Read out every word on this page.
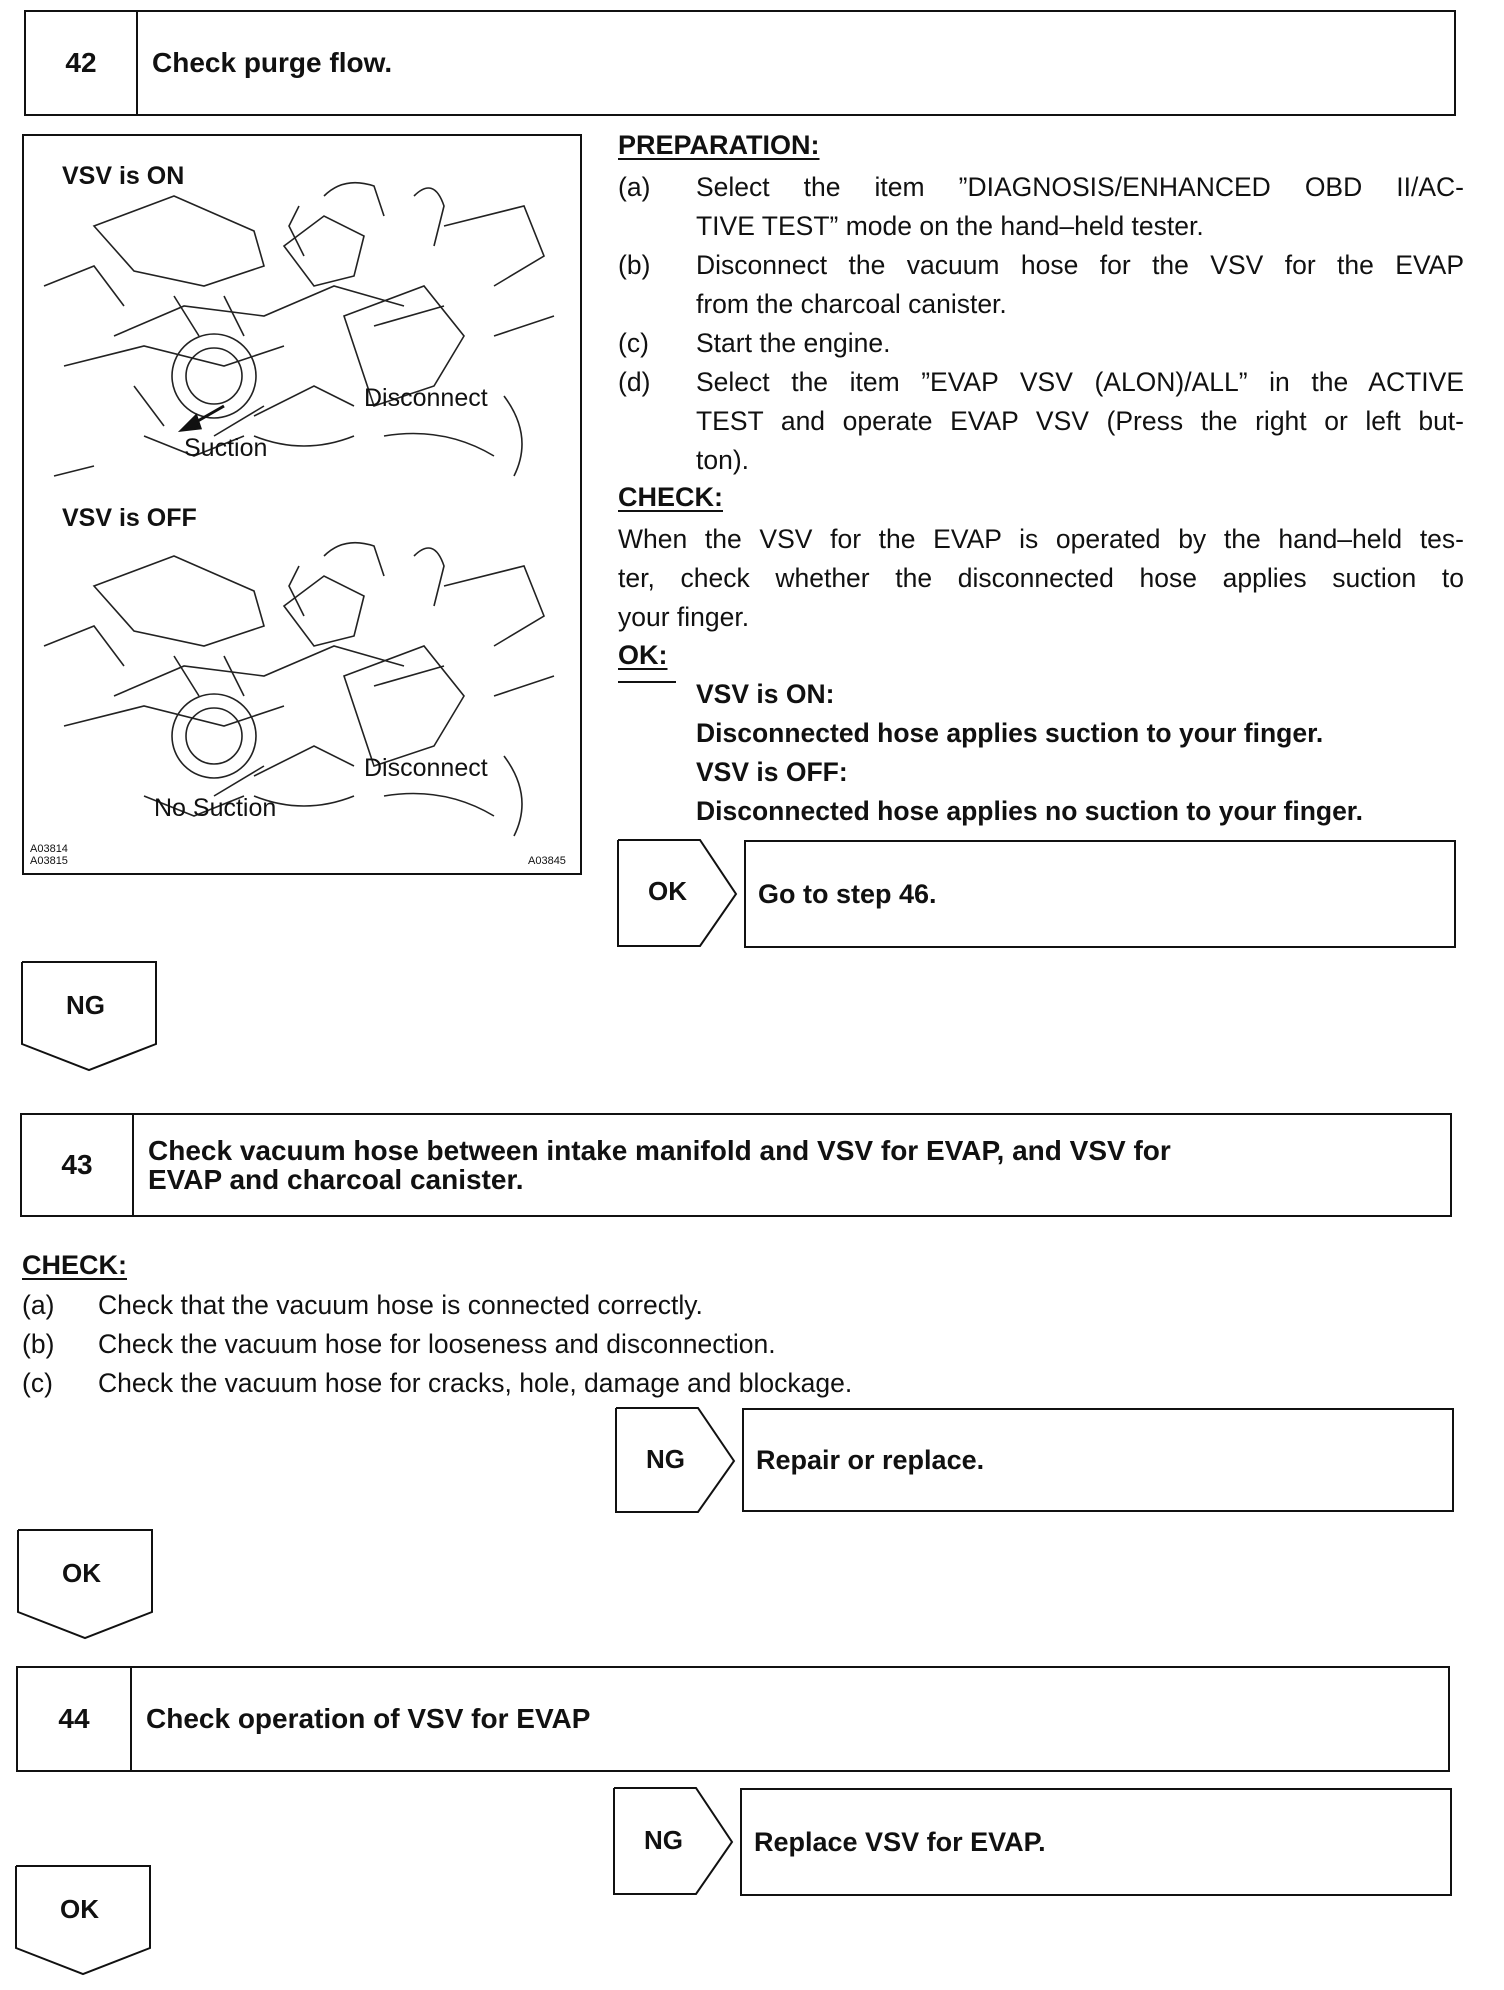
42	Check purge flow.
VSV is ON
Disconnect
Suction
VSV is OFF
Disconnect
No Suction
A03814
A03815	A03845
PREPARATION:
(a) Select the item ”DIAGNOSIS/ENHANCED OBD II/AC-
TIVE TEST” mode on the hand–held tester.
(b) Disconnect the vacuum hose for the VSV for the EVAP
from the charcoal canister.
(c) Start the engine.
(d) Select the item ”EVAP VSV (ALON)/ALL” in the ACTIVE
TEST and operate EVAP VSV (Press the right or left but-
ton).
CHECK:
When the VSV for the EVAP is operated by the hand–held tes-
ter, check whether the disconnected hose applies suction to
your finger.
OK:
VSV is ON:
Disconnected hose applies suction to your finger.
VSV is OFF:
Disconnected hose applies no suction to your finger.
OK	Go to step 46.
NG
43	Check vacuum hose between intake manifold and VSV for EVAP, and VSV for
EVAP and charcoal canister.
CHECK:
(a) Check that the vacuum hose is connected correctly.
(b) Check the vacuum hose for looseness and disconnection.
(c) Check the vacuum hose for cracks, hole, damage and blockage.
NG	Repair or replace.
OK
44	Check operation of VSV for EVAP
NG	Replace VSV for EVAP.
OK
